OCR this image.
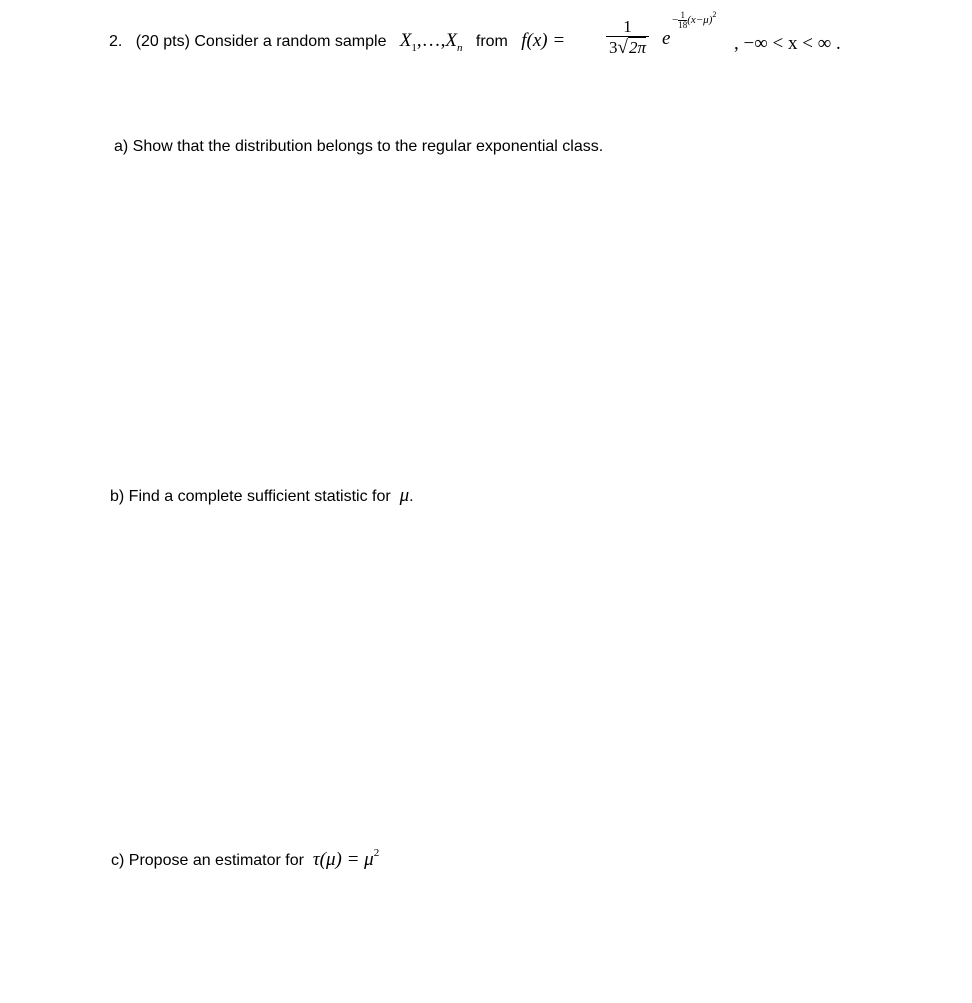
2. (20 pts) Consider a random sample $X_1,\dots,X_n$ from $f(x) = \frac{1}{3√2\pi}$ e
− $\frac{1}{18} (x-\mu)^2$
, −∞ < x < ∞ .
a) Show that the distribution belongs to the regular exponential class.
b) Find a complete sufficient statistic for μ.
c) Propose an estimator for $\tau(\mu) = \mu^2$
